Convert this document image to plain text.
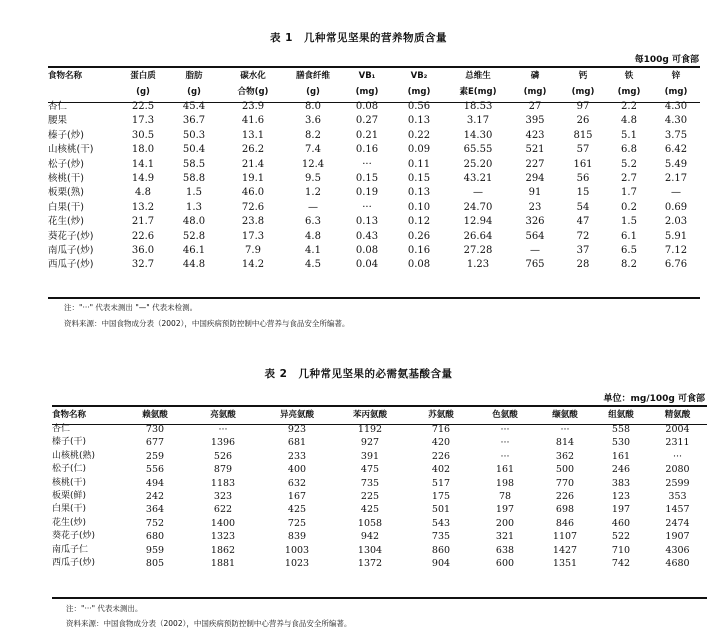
表 1　几种常见坚果的营养物质含量
每100g 可食部
食物名称	蛋白质	脂肪	碳水化	膳食纤维	VB₁	VB₂	总维生	磷	钙	铁	锌
	(g)	(g)	合物(g)	(g)	(mg)	(mg)	素E(mg)	(mg)	(mg)	(mg)	(mg)
杏仁	22.5	45.4	23.9	8.0	0.08	0.56	18.53	27	97	2.2	4.30
腰果	17.3	36.7	41.6	3.6	0.27	0.13	3.17	395	26	4.8	4.30
榛子(炒)	30.5	50.3	13.1	8.2	0.21	0.22	14.30	423	815	5.1	3.75
山核桃(干)	18.0	50.4	26.2	7.4	0.16	0.09	65.55	521	57	6.8	6.42
松子(炒)	14.1	58.5	21.4	12.4	···	0.11	25.20	227	161	5.2	5.49
核桃(干)	14.9	58.8	19.1	9.5	0.15	0.15	43.21	294	56	2.7	2.17
板栗(熟)	4.8	1.5	46.0	1.2	0.19	0.13	—	91	15	1.7	—
白果(干)	13.2	1.3	72.6	—	···	0.10	24.70	23	54	0.2	0.69
花生(炒)	21.7	48.0	23.8	6.3	0.13	0.12	12.94	326	47	1.5	2.03
葵花子(炒)	22.6	52.8	17.3	4.8	0.43	0.26	26.64	564	72	6.1	5.91
南瓜子(炒)	36.0	46.1	7.9	4.1	0.08	0.16	27.28	—	37	6.5	7.12
西瓜子(炒)	32.7	44.8	14.2	4.5	0.04	0.08	1.23	765	28	8.2	6.76
注："···" 代表未测出 "—" 代表未检测。
资料来源：中国食物成分表（2002），中国疾病预防控制中心营养与食品安全所编著。
表 2　几种常见坚果的必需氨基酸含量
单位：mg/100g 可食部
食物名称	赖氨酸	亮氨酸	异亮氨酸	苯丙氨酸	苏氨酸	色氨酸	缬氨酸	组氨酸	精氨酸
杏仁	730	···	923	1192	716	···	···	558	2004
榛子(干)	677	1396	681	927	420	···	814	530	2311
山核桃(熟)	259	526	233	391	226	···	362	161	···
松子(仁)	556	879	400	475	402	161	500	246	2080
核桃(干)	494	1183	632	735	517	198	770	383	2599
板栗(鲜)	242	323	167	225	175	78	226	123	353
白果(干)	364	622	425	425	501	197	698	197	1457
花生(炒)	752	1400	725	1058	543	200	846	460	2474
葵花子(炒)	680	1323	839	942	735	321	1107	522	1907
南瓜子仁	959	1862	1003	1304	860	638	1427	710	4306
西瓜子(炒)	805	1881	1023	1372	904	600	1351	742	4680
注："···" 代表未测出。
资料来源：中国食物成分表（2002），中国疾病预防控制中心营养与食品安全所编著。
